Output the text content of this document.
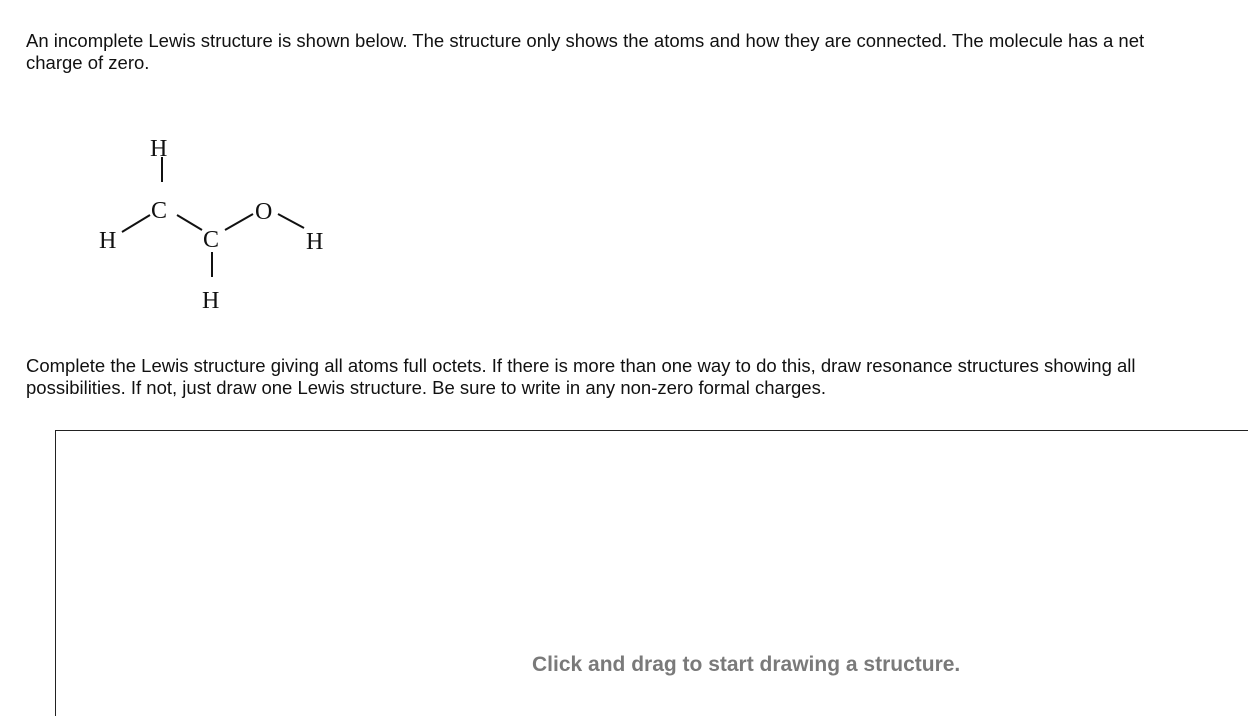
An incomplete Lewis structure is shown below. The structure only shows the atoms and how they are connected. The molecule has a net charge of zero.

H
C
H	C
O
H
H

Complete the Lewis structure giving all atoms full octets. If there is more than one way to do this, draw resonance structures showing all possibilities. If not, just draw one Lewis structure. Be sure to write in any non-zero formal charges.

Click and drag to start drawing a structure.
